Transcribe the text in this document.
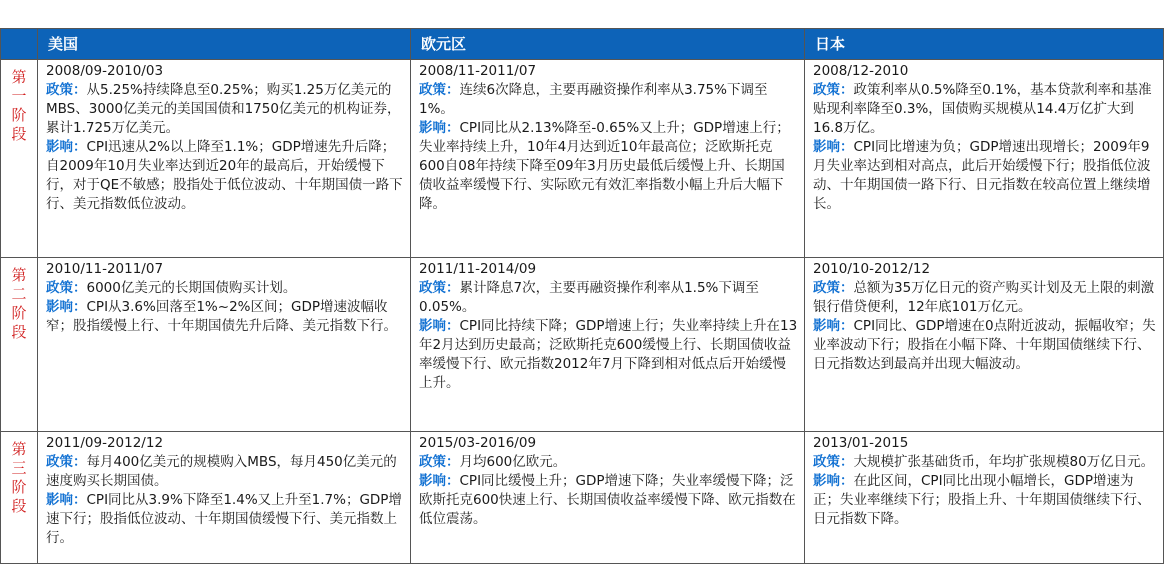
	美国	欧元区	日本

第
一
阶
段	2008/09-2010/03
政策：从5.25%持续降息至0.25%；购买1.25万亿美元的MBS、3000亿美元的美国国债和1750亿美元的机构证券，累计1.725万亿美元。
影响：CPI迅速从2%以上降至1.1%；GDP增速先升后降；自2009年10月失业率达到近20年的最高后，开始缓慢下行，对于QE不敏感；股指处于低位波动、十年期国债一路下行、美元指数低位波动。	2008/11-2011/07
政策：连续6次降息，主要再融资操作利率从3.75%下调至1%。
影响：CPI同比从2.13%降至-0.65%又上升；GDP增速上行；失业率持续上升，10年4月达到近10年最高位；泛欧斯托克600自08年持续下降至09年3月历史最低后缓慢上升、长期国债收益率缓慢下行、实际欧元有效汇率指数小幅上升后大幅下降。	2008/12-2010
政策：政策利率从0.5%降至0.1%，基本贷款利率和基准贴现利率降至0.3%，国债购买规模从14.4万亿扩大到16.8万亿。
影响：CPI同比增速为负；GDP增速出现增长；2009年9月失业率达到相对高点，此后开始缓慢下行；股指低位波动、十年期国债一路下行、日元指数在较高位置上继续增长。

第
二
阶
段	2010/11-2011/07
政策：6000亿美元的长期国债购买计划。
影响：CPI从3.6%回落至1%~2%区间；GDP增速波幅收窄；股指缓慢上行、十年期国债先升后降、美元指数下行。	2011/11-2014/09
政策：累计降息7次，主要再融资操作利率从1.5%下调至0.05%。
影响：CPI同比持续下降；GDP增速上行；失业率持续上升在13年2月达到历史最高；泛欧斯托克600缓慢上行、长期国债收益率缓慢下行、欧元指数2012年7月下降到相对低点后开始缓慢上升。	2010/10-2012/12
政策：总额为35万亿日元的资产购买计划及无上限的刺激银行借贷便利，12年底101万亿元。
影响：CPI同比、GDP增速在0点附近波动，振幅收窄；失业率波动下行；股指在小幅下降、十年期国债继续下行、日元指数达到最高并出现大幅波动。

第
三
阶
段	2011/09-2012/12
政策：每月400亿美元的规模购入MBS，每月450亿美元的速度购买长期国债。
影响：CPI同比从3.9%下降至1.4%又上升至1.7%；GDP增速下行；股指低位波动、十年期国债缓慢下行、美元指数上行。	2015/03-2016/09
政策：月均600亿欧元。
影响：CPI同比缓慢上升；GDP增速下降；失业率缓慢下降；泛欧斯托克600快速上行、长期国债收益率缓慢下降、欧元指数在低位震荡。	2013/01-2015
政策：大规模扩张基础货币，年均扩张规模80万亿日元。
影响：在此区间，CPI同比出现小幅增长，GDP增速为正；失业率继续下行；股指上升、十年期国债继续下行、日元指数下降。
